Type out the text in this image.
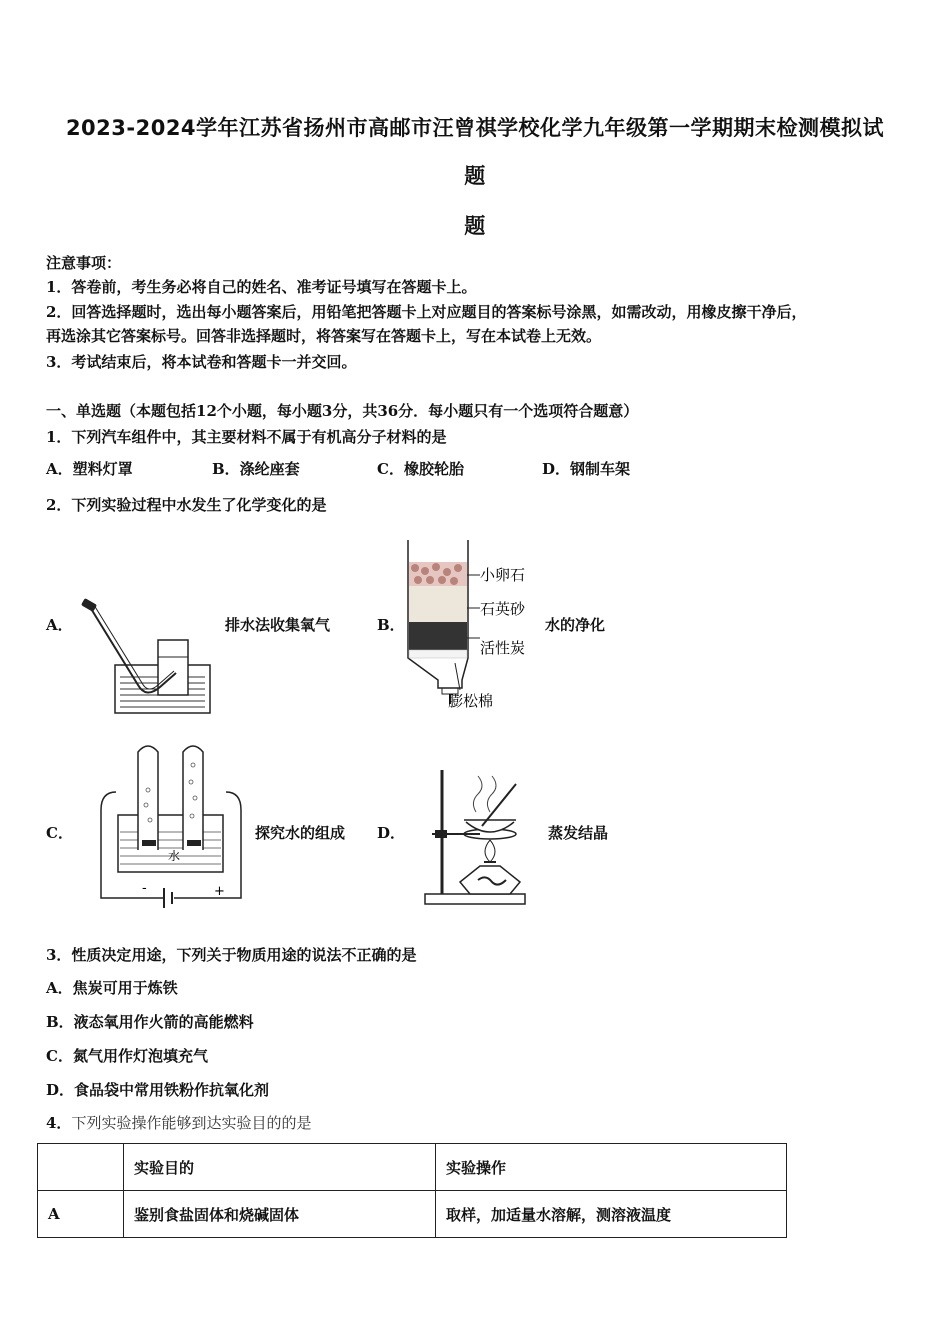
2023-2024学年江苏省扬州市高邮市汪曾祺学校化学九年级第一学期期末检测模拟试
题
题
注意事项：
1．答卷前，考生务必将自己的姓名、准考证号填写在答题卡上。
2．回答选择题时，选出每小题答案后，用铅笔把答题卡上对应题目的答案标号涂黑，如需改动，用橡皮擦干净后，
再选涂其它答案标号。回答非选择题时，将答案写在答题卡上，写在本试卷上无效。
3．考试结束后，将本试卷和答题卡一并交回。
一、单选题（本题包括12个小题，每小题3分，共36分．每小题只有一个选项符合题意）
1．下列汽车组件中，其主要材料不属于有机高分子材料的是
A．塑料灯罩	B．涤纶座套	C．橡胶轮胎	D．钢制车架
2．下列实验过程中水发生了化学变化的是
A．	排水法收集氧气	B．
小卵石
石英砂
活性炭
膨松棉
水的净化
C．
-	+
水
探究水的组成 D．	蒸发结晶
3．性质决定用途，下列关于物质用途的说法不正确的是
A．焦炭可用于炼铁
B．液态氧用作火箭的高能燃料
C．氮气用作灯泡填充气
D．食品袋中常用铁粉作抗氧化剂
4．下列实验操作能够到达实验目的的是
	实验目的	实验操作
A	鉴别食盐固体和烧碱固体	取样，加适量水溶解，测溶液温度
